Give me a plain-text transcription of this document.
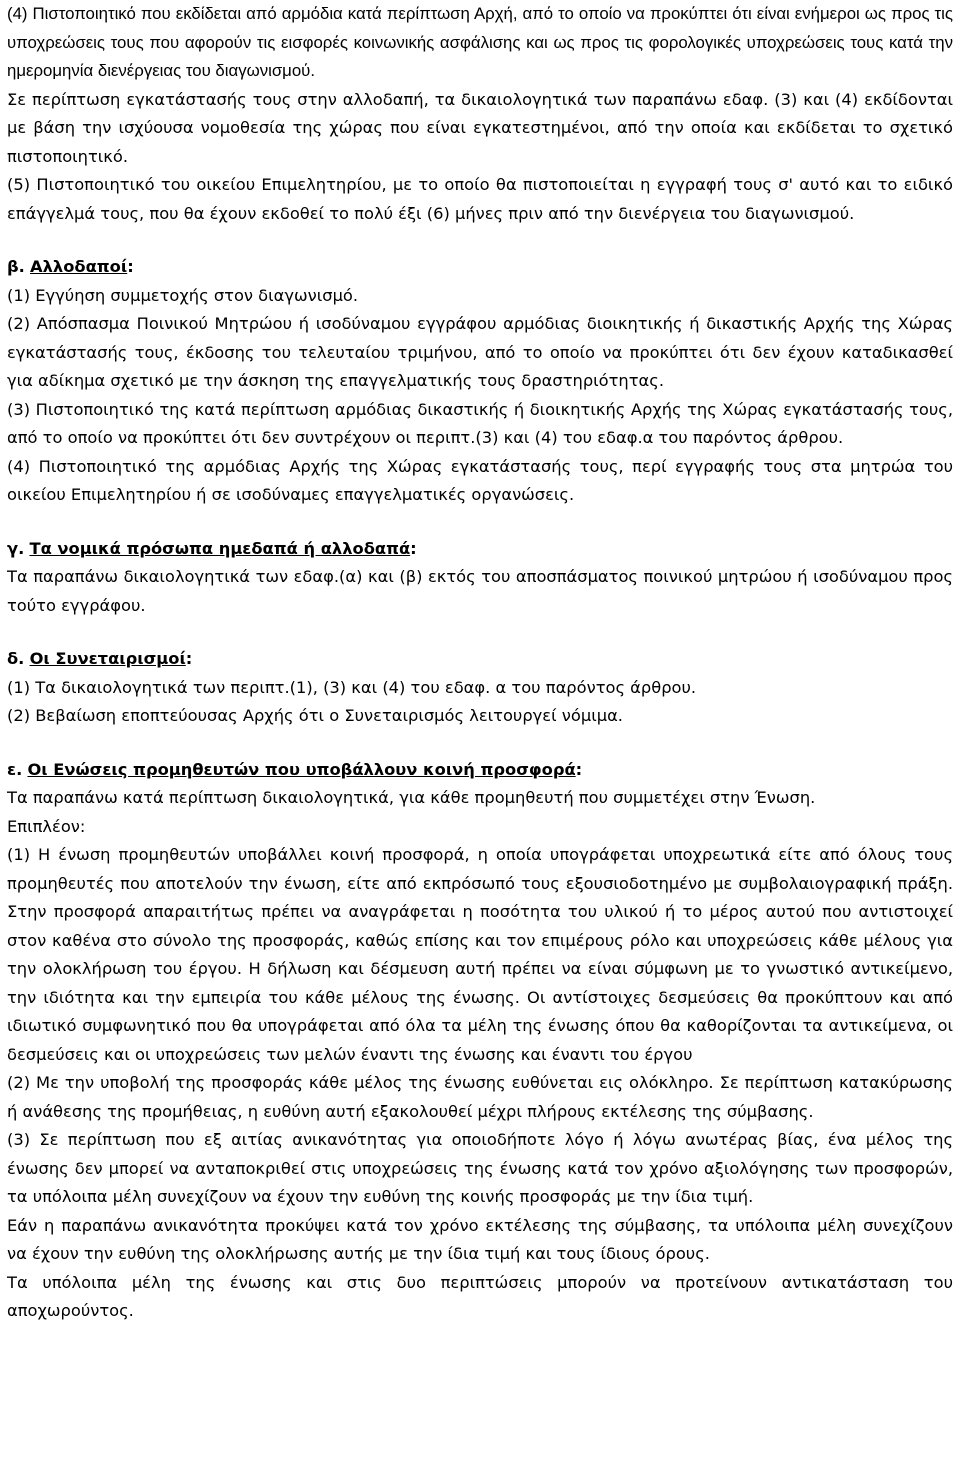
(4) Πιστοποιητικό που εκδίδεται από αρμόδια κατά περίπτωση Αρχή, από το οποίο να προκύπτει ότι είναι ενήμεροι ως προς τις υποχρεώσεις τους που αφορούν τις εισφορές κοινωνικής ασφάλισης και ως προς τις φορολογικές υποχρεώσεις τους κατά την ημερομηνία διενέργειας του διαγωνισμού.

Σε περίπτωση εγκατάστασής τους στην αλλοδαπή, τα δικαιολογητικά των παραπάνω εδαφ. (3) και (4) εκδίδονται με βάση την ισχύουσα νομοθεσία της χώρας που είναι εγκατεστημένοι, από την οποία και εκδίδεται το σχετικό πιστοποιητικό.

(5) Πιστοποιητικό του οικείου Επιμελητηρίου, με το οποίο θα πιστοποιείται η εγγραφή τους σ' αυτό και το ειδικό επάγγελμά τους, που θα έχουν εκδοθεί το πολύ έξι (6) μήνες πριν από την διενέργεια του διαγωνισμού.

β. Αλλοδαποί:

(1) Εγγύηση συμμετοχής στον διαγωνισμό.

(2) Απόσπασμα Ποινικού Μητρώου ή ισοδύναμου εγγράφου αρμόδιας διοικητικής ή δικαστικής Αρχής της Χώρας εγκατάστασής τους, έκδοσης του τελευταίου τριμήνου, από το οποίο να προκύπτει ότι δεν έχουν καταδικασθεί για αδίκημα σχετικό με την άσκηση της επαγγελματικής τους δραστηριότητας.

(3) Πιστοποιητικό της κατά περίπτωση αρμόδιας δικαστικής ή διοικητικής Αρχής της Χώρας εγκατάστασής τους, από το οποίο να προκύπτει ότι δεν συντρέχουν οι περιπτ.(3) και (4) του εδαφ.α του παρόντος άρθρου.

(4) Πιστοποιητικό της αρμόδιας Αρχής της Χώρας εγκατάστασής τους, περί εγγραφής τους στα μητρώα του οικείου Επιμελητηρίου ή σε ισοδύναμες επαγγελματικές οργανώσεις.

γ. Τα νομικά πρόσωπα ημεδαπά ή αλλοδαπά:

Τα παραπάνω δικαιολογητικά των εδαφ.(α) και (β) εκτός του αποσπάσματος ποινικού μητρώου ή ισοδύναμου προς τούτο εγγράφου.

δ. Οι Συνεταιρισμοί:

(1) Τα δικαιολογητικά των περιπτ.(1), (3) και (4) του εδαφ. α του παρόντος άρθρου.

(2) Βεβαίωση εποπτεύουσας Αρχής ότι ο Συνεταιρισμός λειτουργεί νόμιμα.

ε. Οι Ενώσεις προμηθευτών που υποβάλλουν κοινή προσφορά:

Τα παραπάνω κατά περίπτωση δικαιολογητικά, για κάθε προμηθευτή που συμμετέχει στην Ένωση.

Επιπλέον:

(1) Η ένωση προμηθευτών υποβάλλει κοινή προσφορά, η οποία υπογράφεται υποχρεωτικά είτε από όλους τους προμηθευτές που αποτελούν την ένωση, είτε από εκπρόσωπό τους εξουσιοδοτημένο με συμβολαιογραφική πράξη. Στην προσφορά απαραιτήτως πρέπει να αναγράφεται η ποσότητα του υλικού ή το μέρος αυτού που αντιστοιχεί στον καθένα στο σύνολο της προσφοράς, καθώς επίσης και τον επιμέρους ρόλο και υποχρεώσεις κάθε μέλους για την ολοκλήρωση του έργου. Η δήλωση και δέσμευση αυτή πρέπει να είναι σύμφωνη με το γνωστικό αντικείμενο, την ιδιότητα και την εμπειρία του κάθε μέλους της ένωσης. Οι αντίστοιχες δεσμεύσεις θα προκύπτουν και από ιδιωτικό συμφωνητικό που θα υπογράφεται από όλα τα μέλη της ένωσης όπου θα καθορίζονται τα αντικείμενα, οι δεσμεύσεις και οι υποχρεώσεις των μελών έναντι της ένωσης και έναντι του έργου

(2) Με την υποβολή της προσφοράς κάθε μέλος της ένωσης ευθύνεται εις ολόκληρο. Σε περίπτωση κατακύρωσης ή ανάθεσης της προμήθειας, η ευθύνη αυτή εξακολουθεί μέχρι πλήρους εκτέλεσης της σύμβασης.

(3) Σε περίπτωση που εξ αιτίας ανικανότητας για οποιοδήποτε λόγο ή λόγω ανωτέρας βίας, ένα μέλος της ένωσης δεν μπορεί να ανταποκριθεί στις υποχρεώσεις της ένωσης κατά τον χρόνο αξιολόγησης των προσφορών, τα υπόλοιπα μέλη συνεχίζουν να έχουν την ευθύνη της κοινής προσφοράς με την ίδια τιμή.

Εάν η παραπάνω ανικανότητα προκύψει κατά τον χρόνο εκτέλεσης της σύμβασης, τα υπόλοιπα μέλη συνεχίζουν να έχουν την ευθύνη της ολοκλήρωσης αυτής με την ίδια τιμή και τους ίδιους όρους.

Τα υπόλοιπα μέλη της ένωσης και στις δυο περιπτώσεις μπορούν να προτείνουν αντικατάσταση του αποχωρούντος.
